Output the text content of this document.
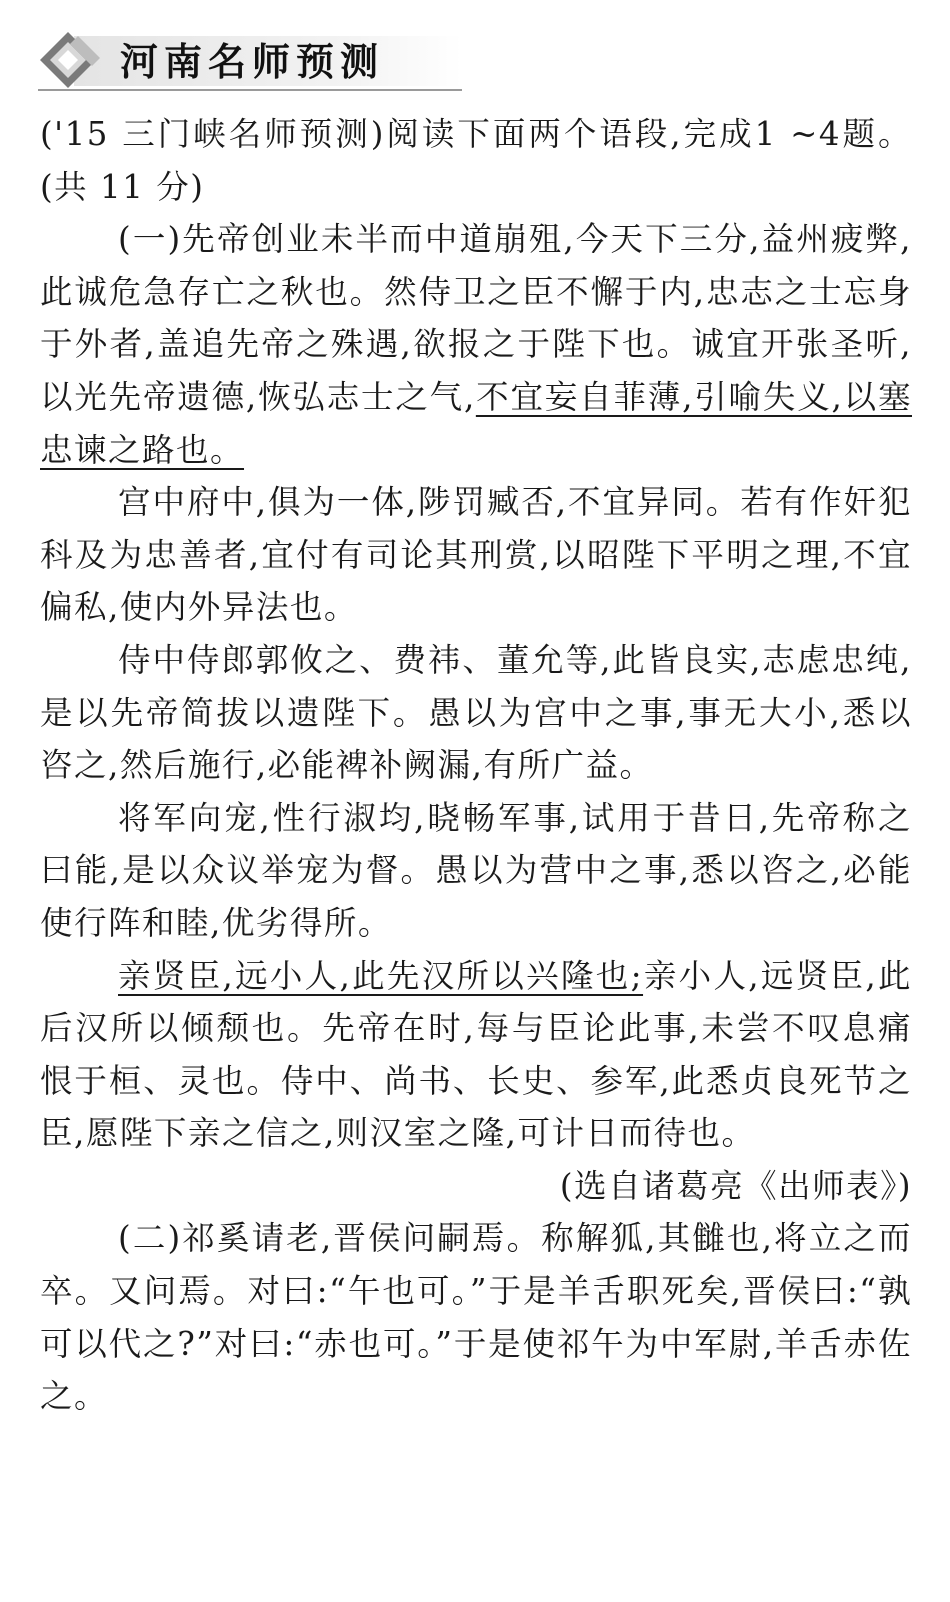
河南名师预测

('15 三门峡名师预测)阅读下面两个语段,完成1 ~4题。(共 11 分)

(一)先帝创业未半而中道崩殂,今天下三分,益州疲弊,此诚危急存亡之秋也。然侍卫之臣不懈于内,忠志之士忘身于外者,盖追先帝之殊遇,欲报之于陛下也。诚宜开张圣听,以光先帝遗德,恢弘志士之气,不宜妄自菲薄,引喻失义,以塞忠谏之路也。

宫中府中,俱为一体,陟罚臧否,不宜异同。若有作奸犯科及为忠善者,宜付有司论其刑赏,以昭陛下平明之理,不宜偏私,使内外异法也。

侍中侍郎郭攸之、费祎、董允等,此皆良实,志虑忠纯,是以先帝简拔以遗陛下。愚以为宫中之事,事无大小,悉以咨之,然后施行,必能裨补阙漏,有所广益。

将军向宠,性行淑均,晓畅军事,试用于昔日,先帝称之曰能,是以众议举宠为督。愚以为营中之事,悉以咨之,必能使行阵和睦,优劣得所。

亲贤臣,远小人,此先汉所以兴隆也;亲小人,远贤臣,此后汉所以倾颓也。先帝在时,每与臣论此事,未尝不叹息痛恨于桓、灵也。侍中、尚书、长史、参军,此悉贞良死节之臣,愿陛下亲之信之,则汉室之隆,可计日而待也。

(选自诸葛亮《出师表》)

(二)祁奚请老,晋侯问嗣焉。称解狐,其雠也,将立之而卒。又问焉。对曰:“午也可。”于是羊舌职死矣,晋侯曰:“孰可以代之?”对曰:“赤也可。”于是使祁午为中军尉,羊舌赤佐之。
